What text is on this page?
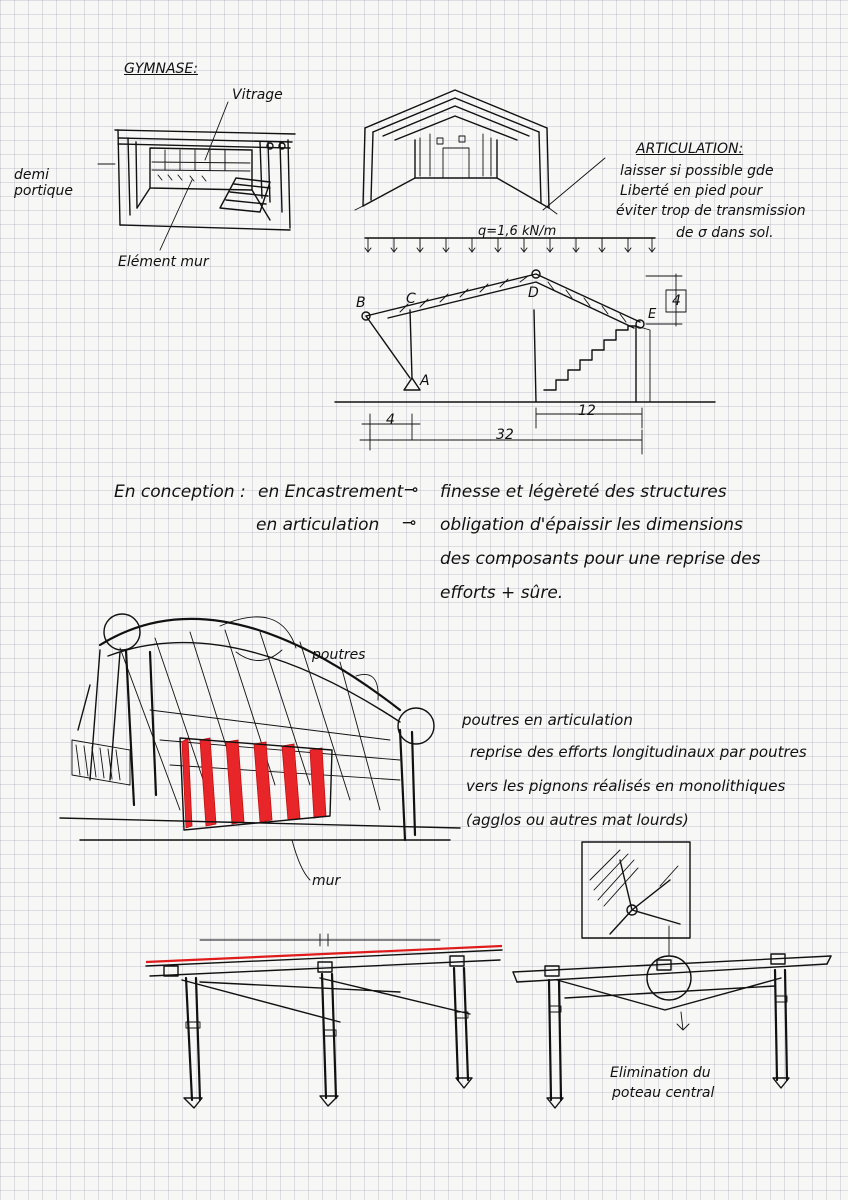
GYMNASE:
Vitrage
demi
portique
Elément mur
ARTICULATION:
laisser si possible gde
Liberté en pied pour
éviter trop de transmission
de σ dans sol.
q=1,6 kN/m
A
B	C	D
E
4
4
12
32
En conception : en Encastrement ⊸ finesse et légèreté des structures
en articulation ⊸ obligation d'épaissir les dimensions
des composants pour une reprise des
efforts + sûre.
poutres
mur
poutres en articulation
reprise des efforts longitudinaux par poutres
vers les pignons réalisés en monolithiques
(agglos ou autres mat lourds)
Elimination du
poteau central
